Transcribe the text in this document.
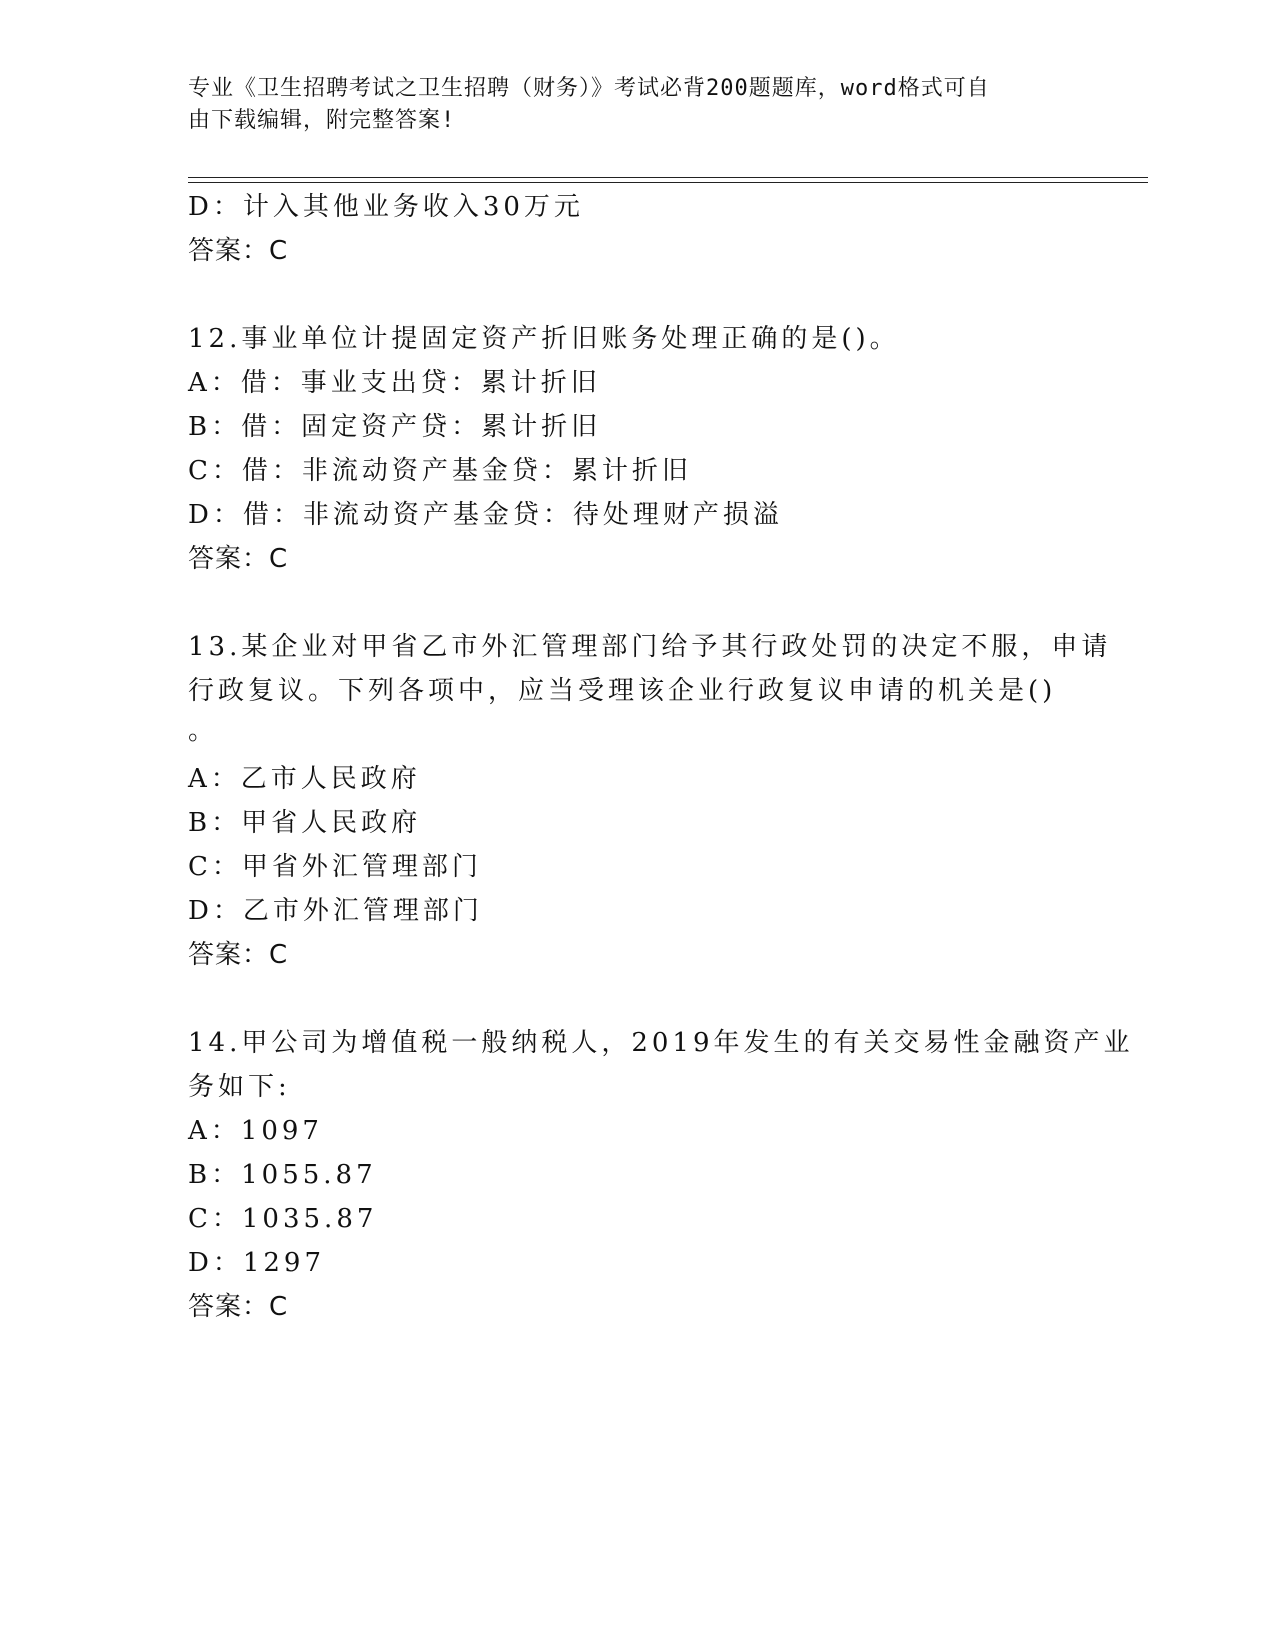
专业《卫生招聘考试之卫生招聘（财务）》考试必背200题题库，word格式可自
由下载编辑，附完整答案!
D：计入其他业务收入30万元
答案：C
12.事业单位计提固定资产折旧账务处理正确的是()。
A：借：事业支出贷：累计折旧
B：借：固定资产贷：累计折旧
C：借：非流动资产基金贷：累计折旧
D：借：非流动资产基金贷：待处理财产损溢
答案：C
13.某企业对甲省乙市外汇管理部门给予其行政处罚的决定不服，申请
行政复议。下列各项中，应当受理该企业行政复议申请的机关是()
。
A：乙市人民政府
B：甲省人民政府
C：甲省外汇管理部门
D：乙市外汇管理部门
答案：C
14.甲公司为增值税一般纳税人，2019年发生的有关交易性金融资产业
务如下:
A：1097
B：1055.87
C：1035.87
D：1297
答案：C
